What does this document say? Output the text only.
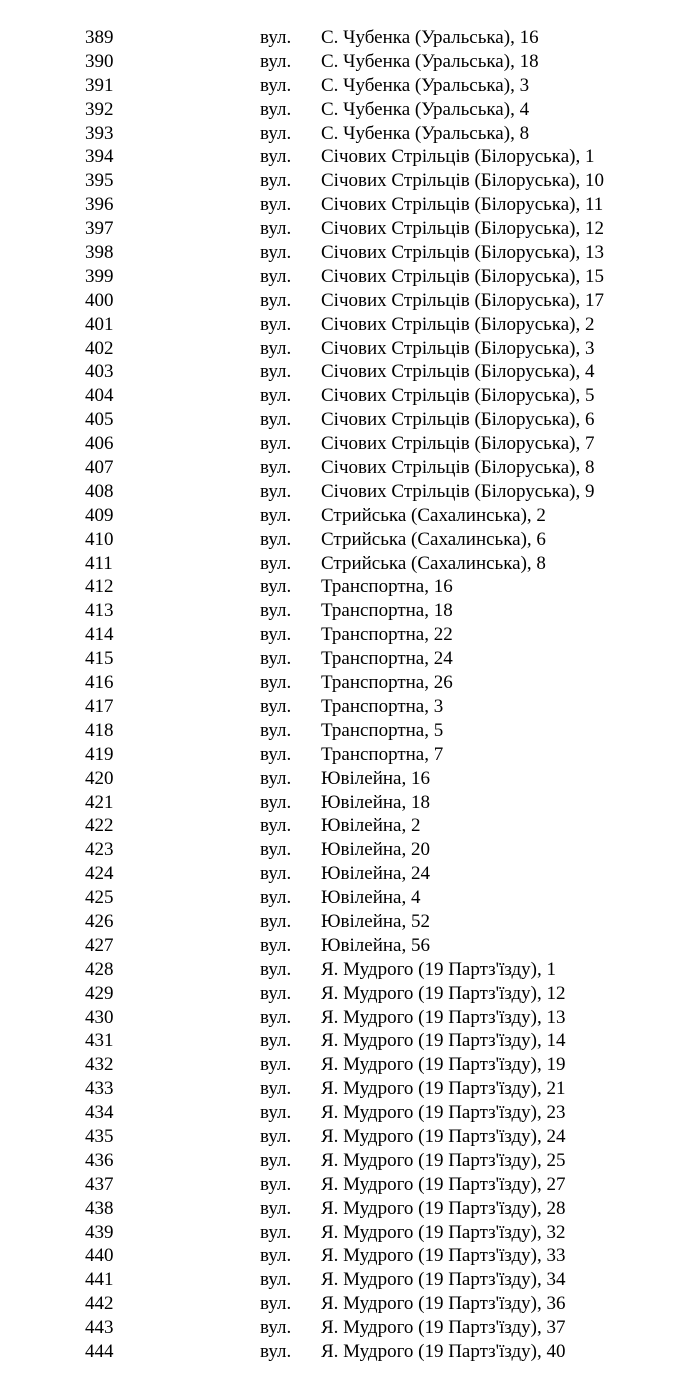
389	вул. С. Чубенка (Уральська), 16
390	вул. С. Чубенка (Уральська), 18
391	вул. С. Чубенка (Уральська), 3
392	вул. С. Чубенка (Уральська), 4
393	вул. С. Чубенка (Уральська), 8
394	вул. Січових Стрільців (Білоруська), 1
395	вул. Січових Стрільців (Білоруська), 10
396	вул. Січових Стрільців (Білоруська), 11
397	вул. Січових Стрільців (Білоруська), 12
398	вул. Січових Стрільців (Білоруська), 13
399	вул. Січових Стрільців (Білоруська), 15
400	вул. Січових Стрільців (Білоруська), 17
401	вул. Січових Стрільців (Білоруська), 2
402	вул. Січових Стрільців (Білоруська), 3
403	вул. Січових Стрільців (Білоруська), 4
404	вул. Січових Стрільців (Білоруська), 5
405	вул. Січових Стрільців (Білоруська), 6
406	вул. Січових Стрільців (Білоруська), 7
407	вул. Січових Стрільців (Білоруська), 8
408	вул. Січових Стрільців (Білоруська), 9
409	вул. Стрийська (Сахалинська), 2
410	вул. Стрийська (Сахалинська), 6
411	вул. Стрийська (Сахалинська), 8
412	вул. Транспортна, 16
413	вул. Транспортна, 18
414	вул. Транспортна, 22
415	вул. Транспортна, 24
416	вул. Транспортна, 26
417	вул. Транспортна, 3
418	вул. Транспортна, 5
419	вул. Транспортна, 7
420	вул. Ювілейна, 16
421	вул. Ювілейна, 18
422	вул. Ювілейна, 2
423	вул. Ювілейна, 20
424	вул. Ювілейна, 24
425	вул. Ювілейна, 4
426	вул. Ювілейна, 52
427	вул. Ювілейна, 56
428	вул. Я. Мудрого (19 Партз'їзду), 1
429	вул. Я. Мудрого (19 Партз'їзду), 12
430	вул. Я. Мудрого (19 Партз'їзду), 13
431	вул. Я. Мудрого (19 Партз'їзду), 14
432	вул. Я. Мудрого (19 Партз'їзду), 19
433	вул. Я. Мудрого (19 Партз'їзду), 21
434	вул. Я. Мудрого (19 Партз'їзду), 23
435	вул. Я. Мудрого (19 Партз'їзду), 24
436	вул. Я. Мудрого (19 Партз'їзду), 25
437	вул. Я. Мудрого (19 Партз'їзду), 27
438	вул. Я. Мудрого (19 Партз'їзду), 28
439	вул. Я. Мудрого (19 Партз'їзду), 32
440	вул. Я. Мудрого (19 Партз'їзду), 33
441	вул. Я. Мудрого (19 Партз'їзду), 34
442	вул. Я. Мудрого (19 Партз'їзду), 36
443	вул. Я. Мудрого (19 Партз'їзду), 37
444	вул. Я. Мудрого (19 Партз'їзду), 40
